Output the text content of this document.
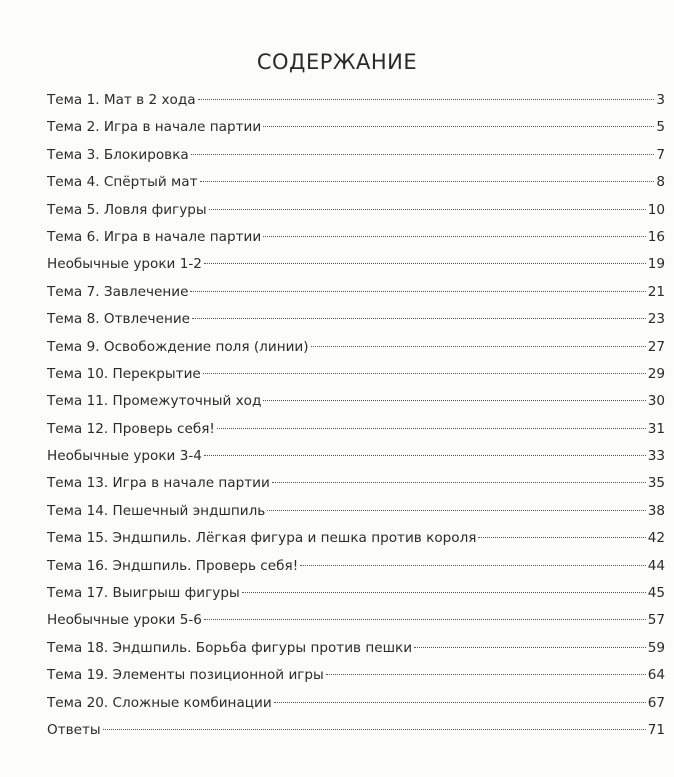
СОДЕРЖАНИЕ
Тема 1. Мат в 2 хода	3
Тема 2. Игра в начале партии	5
Тема 3. Блокировка	7
Тема 4. Спёртый мат	8
Тема 5. Ловля фигуры	10
Тема 6. Игра в начале партии	16
Необычные уроки 1-2	19
Тема 7. Завлечение	21
Тема 8. Отвлечение	23
Тема 9. Освобождение поля (линии)	27
Тема 10. Перекрытие	29
Тема 11. Промежуточный ход	30
Тема 12. Проверь себя!	31
Необычные уроки 3-4	33
Тема 13. Игра в начале партии	35
Тема 14. Пешечный эндшпиль	38
Тема 15. Эндшпиль. Лёгкая фигура и пешка против короля	42
Тема 16. Эндшпиль. Проверь себя!	44
Тема 17. Выигрыш фигуры	45
Необычные уроки 5-6	57
Тема 18. Эндшпиль. Борьба фигуры против пешки	59
Тема 19. Элементы позиционной игры	64
Тема 20. Сложные комбинации	67
Ответы	71
